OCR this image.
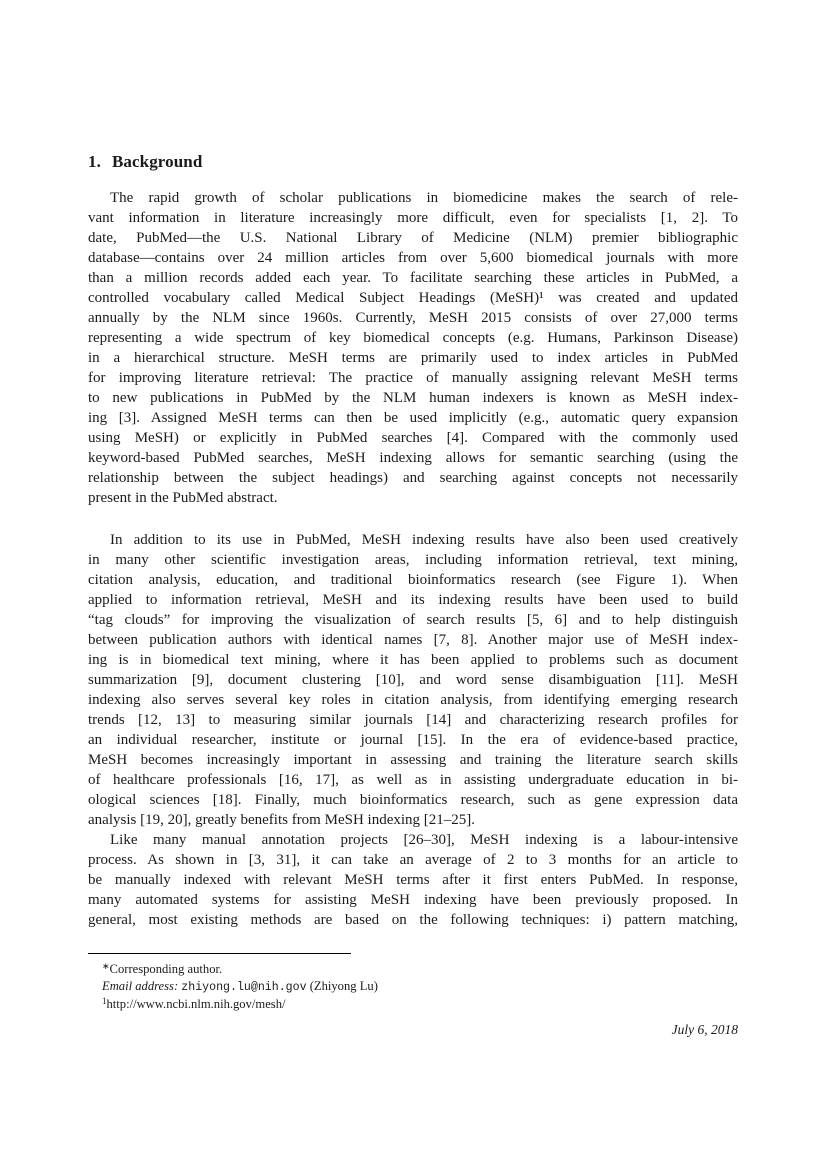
1. Background
The rapid growth of scholar publications in biomedicine makes the search of rele-
vant information in literature increasingly more difficult, even for specialists [1, 2]. To
date, PubMed—the U.S. National Library of Medicine (NLM) premier bibliographic
database—contains over 24 million articles from over 5,600 biomedical journals with more
than a million records added each year. To facilitate searching these articles in PubMed, a
controlled vocabulary called Medical Subject Headings (MeSH)¹ was created and updated
annually by the NLM since 1960s. Currently, MeSH 2015 consists of over 27,000 terms
representing a wide spectrum of key biomedical concepts (e.g. Humans, Parkinson Disease)
in a hierarchical structure. MeSH terms are primarily used to index articles in PubMed
for improving literature retrieval: The practice of manually assigning relevant MeSH terms
to new publications in PubMed by the NLM human indexers is known as MeSH index-
ing [3]. Assigned MeSH terms can then be used implicitly (e.g., automatic query expansion
using MeSH) or explicitly in PubMed searches [4]. Compared with the commonly used
keyword-based PubMed searches, MeSH indexing allows for semantic searching (using the
relationship between the subject headings) and searching against concepts not necessarily
present in the PubMed abstract.
In addition to its use in PubMed, MeSH indexing results have also been used creatively
in many other scientific investigation areas, including information retrieval, text mining,
citation analysis, education, and traditional bioinformatics research (see Figure 1). When
applied to information retrieval, MeSH and its indexing results have been used to build
“tag clouds” for improving the visualization of search results [5, 6] and to help distinguish
between publication authors with identical names [7, 8]. Another major use of MeSH index-
ing is in biomedical text mining, where it has been applied to problems such as document
summarization [9], document clustering [10], and word sense disambiguation [11]. MeSH
indexing also serves several key roles in citation analysis, from identifying emerging research
trends [12, 13] to measuring similar journals [14] and characterizing research profiles for
an individual researcher, institute or journal [15]. In the era of evidence-based practice,
MeSH becomes increasingly important in assessing and training the literature search skills
of healthcare professionals [16, 17], as well as in assisting undergraduate education in bi-
ological sciences [18]. Finally, much bioinformatics research, such as gene expression data
analysis [19, 20], greatly benefits from MeSH indexing [21–25].
Like many manual annotation projects [26–30], MeSH indexing is a labour-intensive
process. As shown in [3, 31], it can take an average of 2 to 3 months for an article to
be manually indexed with relevant MeSH terms after it first enters PubMed. In response,
many automated systems for assisting MeSH indexing have been previously proposed. In
general, most existing methods are based on the following techniques: i) pattern matching,
∗Corresponding author.
Email address: zhiyong.lu@nih.gov (Zhiyong Lu)
$^1$http://www.ncbi.nlm.nih.gov/mesh/
July 6, 2018
